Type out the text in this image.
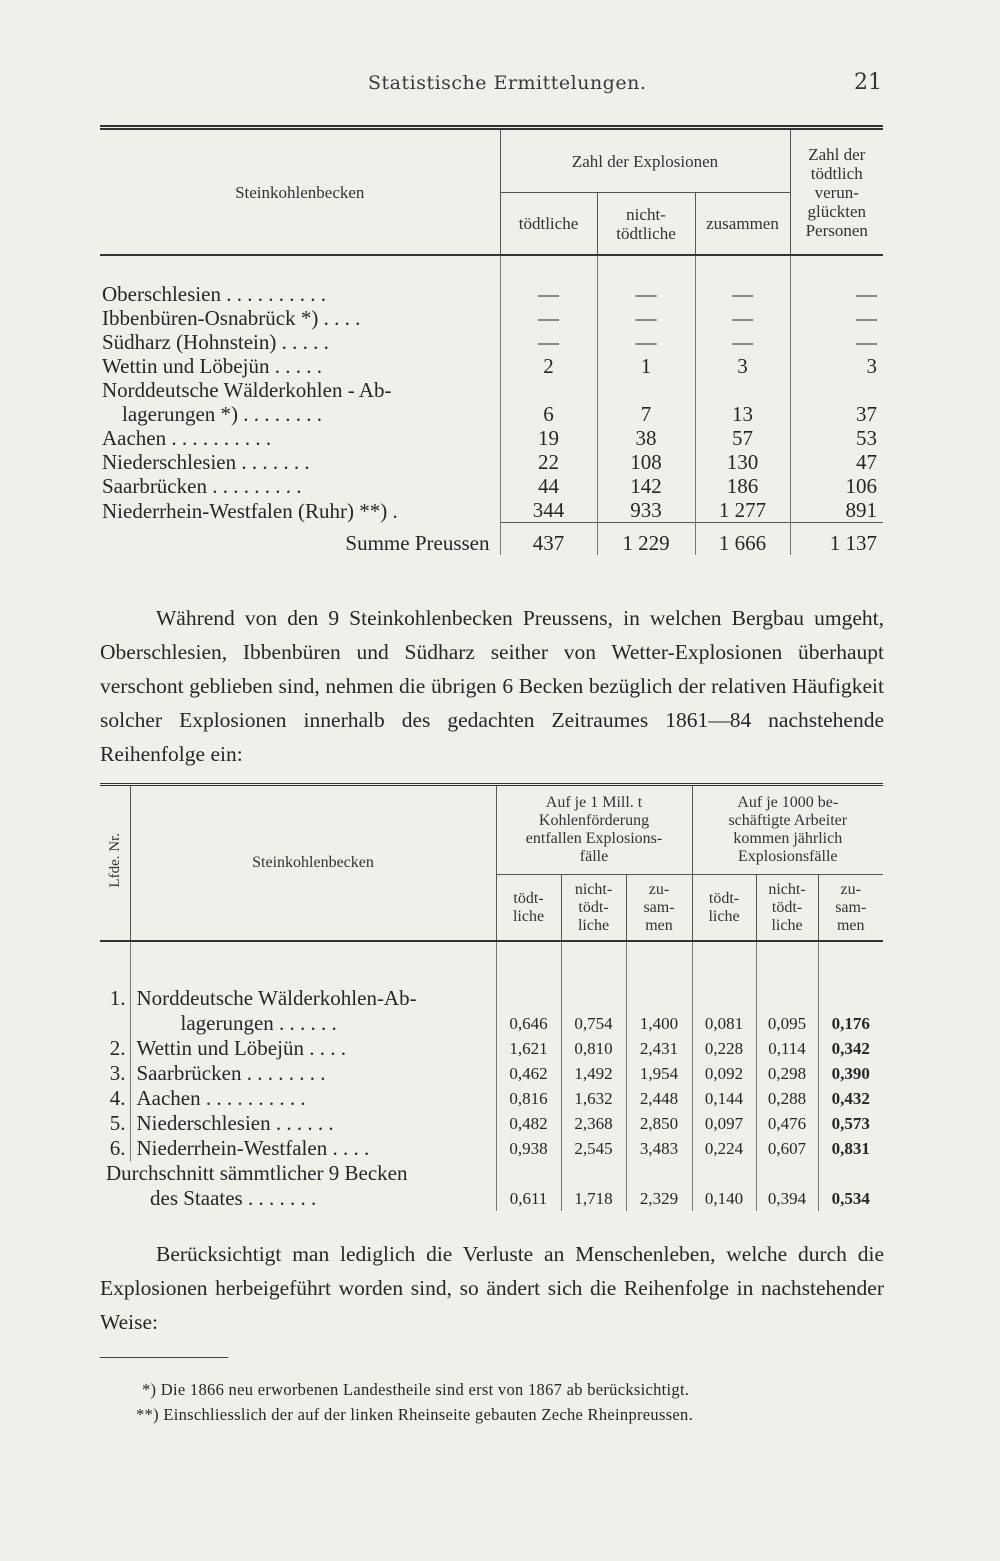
Statistische Ermittelungen.	21
Steinkohlenbecken	Zahl der Explosionen			Zahl der
tödtlich
verun-
glückten
Personen
	tödtliche	nicht-
tödtliche	zusammen	
Oberschlesien . . . . . . . . . .	—	—	—	—
Ibbenbüren-Osnabrück *) . . . .	—	—	—	—
Südharz (Hohnstein) . . . . .	—	—	—	—
Wettin und Löbejün . . . . .	2	1	3	3
Norddeutsche Wälderkohlen - Ab-				
lagerungen *) . . . . . . . .	6	7	13	37
Aachen . . . . . . . . . .	19	38	57	53
Niederschlesien . . . . . . .	22	108	130	47
Saarbrücken . . . . . . . . .	44	142	186	106
Niederrhein-Westfalen (Ruhr) **) .	344	933	1 277	891
Summe Preussen	437	1 229	1 666	1 137

Während von den 9 Steinkohlenbecken Preussens, in welchen Bergbau umgeht, Oberschlesien, Ibbenbüren und Südharz seither von Wetter-Explosionen überhaupt verschont geblieben sind, nehmen die übrigen 6 Becken bezüglich der relativen Häufigkeit solcher Explosionen innerhalb des gedachten Zeitraumes 1861—84 nachstehende Reihenfolge ein:

Lfde. Nr.	Steinkohlenbecken	Auf je 1 Mill. t
Kohlenförderung
entfallen Explosions-
fälle			Auf je 1000 be-
schäftigte Arbeiter
kommen jährlich
Explosionsfälle		
		tödt-
liche	nicht-
tödt-
liche	zu-
sam-
men	tödt-
liche	nicht-
tödt-
liche	zu-
sam-
men
1.	Norddeutsche Wälderkohlen-Ab-						
	lagerungen . . . . . .	0,646	0,754	1,400	0,081	0,095	0,176
2.	Wettin und Löbejün . . . .	1,621	0,810	2,431	0,228	0,114	0,342
3.	Saarbrücken . . . . . . . .	0,462	1,492	1,954	0,092	0,298	0,390
4.	Aachen . . . . . . . . . .	0,816	1,632	2,448	0,144	0,288	0,432
5.	Niederschlesien . . . . . .	0,482	2,368	2,850	0,097	0,476	0,573
6.	Niederrhein-Westfalen . . . .	0,938	2,545	3,483	0,224	0,607	0,831
Durchschnitt sämmtlicher 9 Becken							
des Staates . . . . . . .		0,611	1,718	2,329	0,140	0,394	0,534

Berücksichtigt man lediglich die Verluste an Menschenleben, welche durch die Explosionen herbeigeführt worden sind, so ändert sich die Reihenfolge in nachstehender Weise:

*) Die 1866 neu erworbenen Landestheile sind erst von 1867 ab berücksichtigt.
**) Einschliesslich der auf der linken Rheinseite gebauten Zeche Rheinpreussen.
